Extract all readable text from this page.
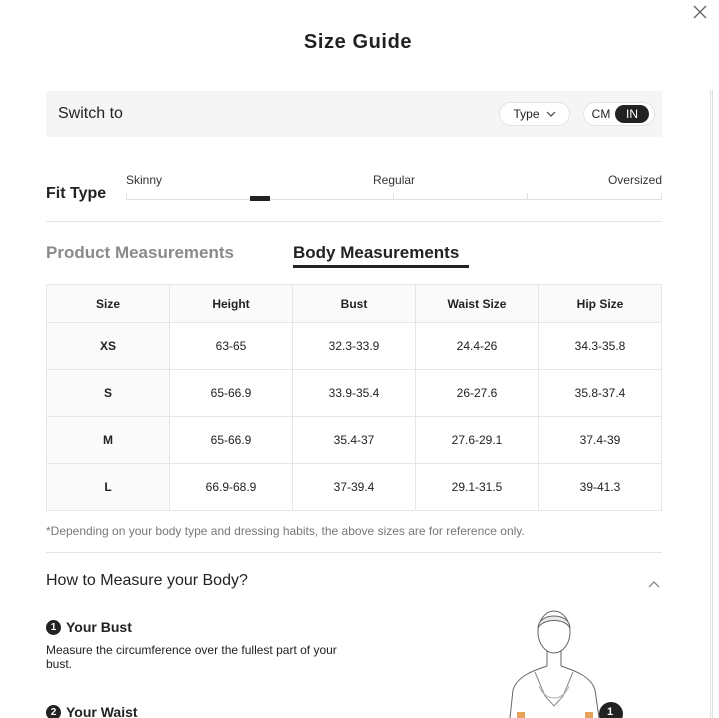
Size Guide
Switch to	Type	CM	IN
Fit Type
Skinny	Regular	Oversized
Product Measurements	Body Measurements
Size	Height	Bust	Waist Size	Hip Size
XS	63-65	32.3-33.9	24.4-26	34.3-35.8
S	65-66.9	33.9-35.4	26-27.6	35.8-37.4
M	65-66.9	35.4-37	27.6-29.1	37.4-39
L	66.9-68.9	37-39.4	29.1-31.5	39-41.3
*Depending on your body type and dressing habits, the above sizes are for reference only.
How to Measure your Body?
1 Your Bust
Measure the circumference over the fullest part of your bust.
2 Your Waist	1
